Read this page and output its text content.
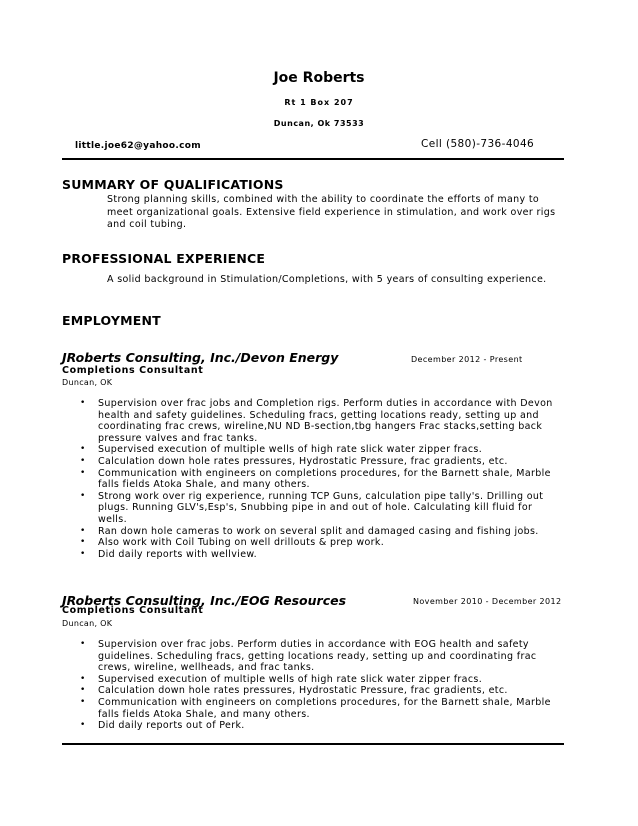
Joe Roberts
Rt 1 Box 207
Duncan, Ok 73533
little.joe62@yahoo.com	Cell (580)-736-4046
SUMMARY OF QUALIFICATIONS
Strong planning skills, combined with the ability to coordinate the efforts of many to meet organizational goals. Extensive field experience in stimulation, and work over rigs and coil tubing.
PROFESSIONAL EXPERIENCE
A solid background in Stimulation/Completions, with 5 years of consulting experience.
EMPLOYMENT
JRoberts Consulting, Inc./Devon Energy	December 2012 - Present
Completions Consultant
Duncan, OK
• Supervision over frac jobs and Completion rigs. Perform duties in accordance with Devon health and safety guidelines. Scheduling fracs, getting locations ready, setting up and coordinating frac crews, wireline,NU ND B-section,tbg hangers Frac stacks,setting back pressure valves and frac tanks.
• Supervised execution of multiple wells of high rate slick water zipper fracs.
• Calculation down hole rates pressures, Hydrostatic Pressure, frac gradients, etc.
• Communication with engineers on completions procedures, for the Barnett shale, Marble falls fields Atoka Shale, and many others.
• Strong work over rig experience, running TCP Guns, calculation pipe tally's. Drilling out plugs. Running GLV's,Esp's, Snubbing pipe in and out of hole. Calculating kill fluid for wells.
• Ran down hole cameras to work on several split and damaged casing and fishing jobs.
• Also work with Coil Tubing on well drillouts & prep work.
• Did daily reports with wellview.
JRoberts Consulting, Inc./EOG Resources	November 2010 - December 2012
Completions Consultant
Duncan, OK
• Supervision over frac jobs. Perform duties in accordance with EOG health and safety guidelines. Scheduling fracs, getting locations ready, setting up and coordinating frac crews, wireline, wellheads, and frac tanks.
• Supervised execution of multiple wells of high rate slick water zipper fracs.
• Calculation down hole rates pressures, Hydrostatic Pressure, frac gradients, etc.
• Communication with engineers on completions procedures, for the Barnett shale, Marble falls fields Atoka Shale, and many others.
• Did daily reports out of Perk.
